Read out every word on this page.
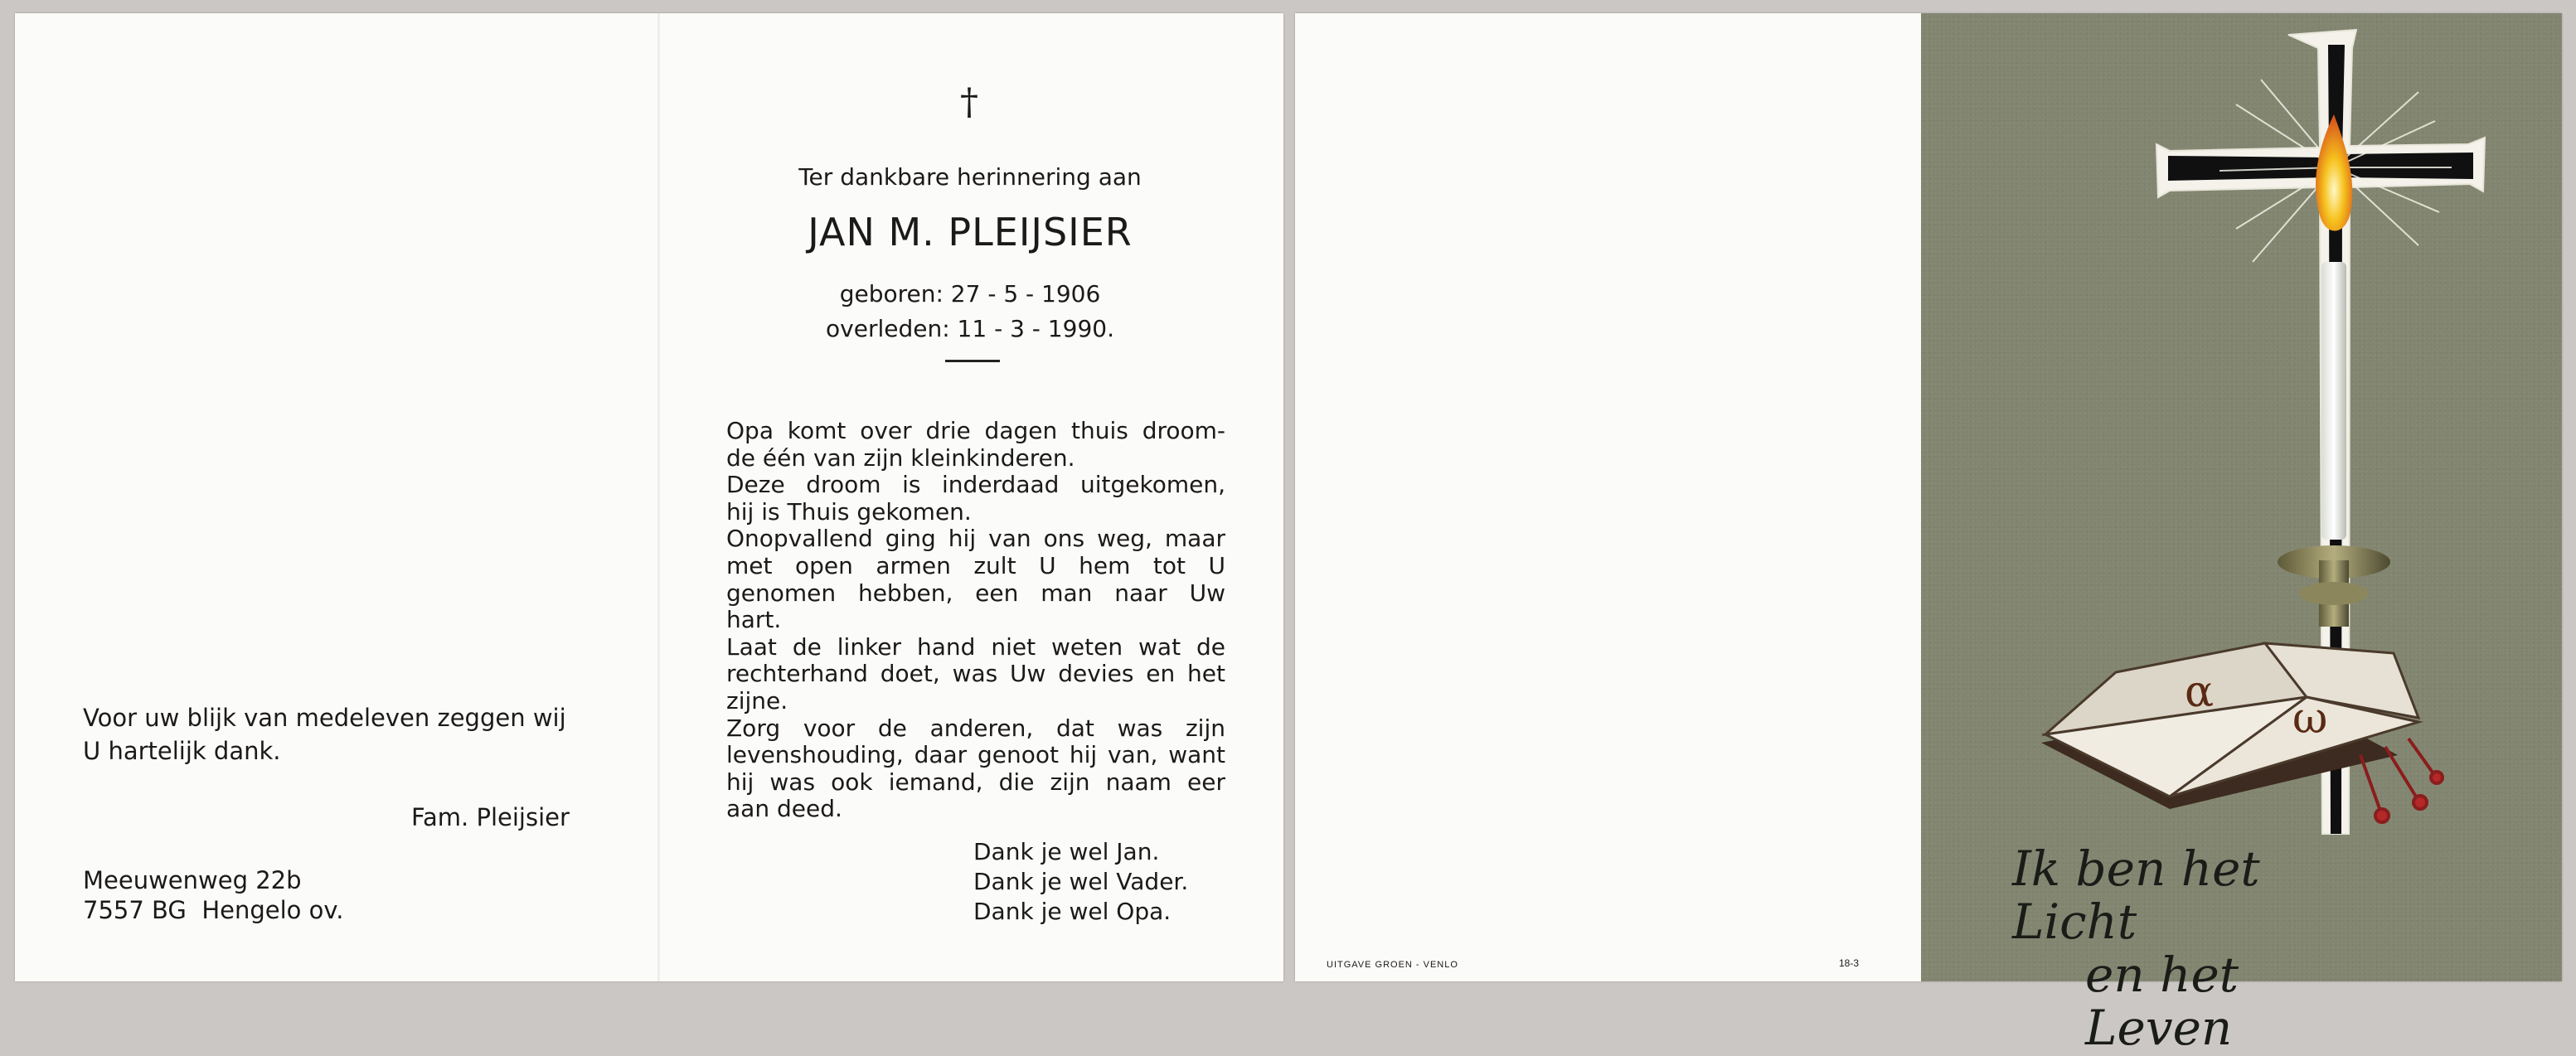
Voor uw blijk van medeleven zeggen wij
U hartelijk dank.
Fam. Pleijsier
Meeuwenweg 22b
7557 BG  Hengelo ov.
†
Ter dankbare herinnering aan
JAN M. PLEIJSIER
geboren: 27 - 5 - 1906
overleden: 11 - 3 - 1990.

Opa komt over drie dagen thuis droom-

de één van zijn kleinkinderen.

Deze droom is inderdaad uitgekomen,

hij is Thuis gekomen.

Onopvallend ging hij van ons weg, maar

met open armen zult U hem tot U

genomen hebben, een man naar Uw

hart.

Laat de linker hand niet weten wat de

rechterhand doet, was Uw devies en het

zijne.

Zorg voor de anderen, dat was zijn

levenshouding, daar genoot hij van, want

hij was ook iemand, die zijn naam eer

aan deed.

Dank je wel Jan.
Dank je wel Vader.
Dank je wel Opa.
UITGAVE GROEN - VENLO	18-3
α
ω
Ik ben het Licht
en het Leven
